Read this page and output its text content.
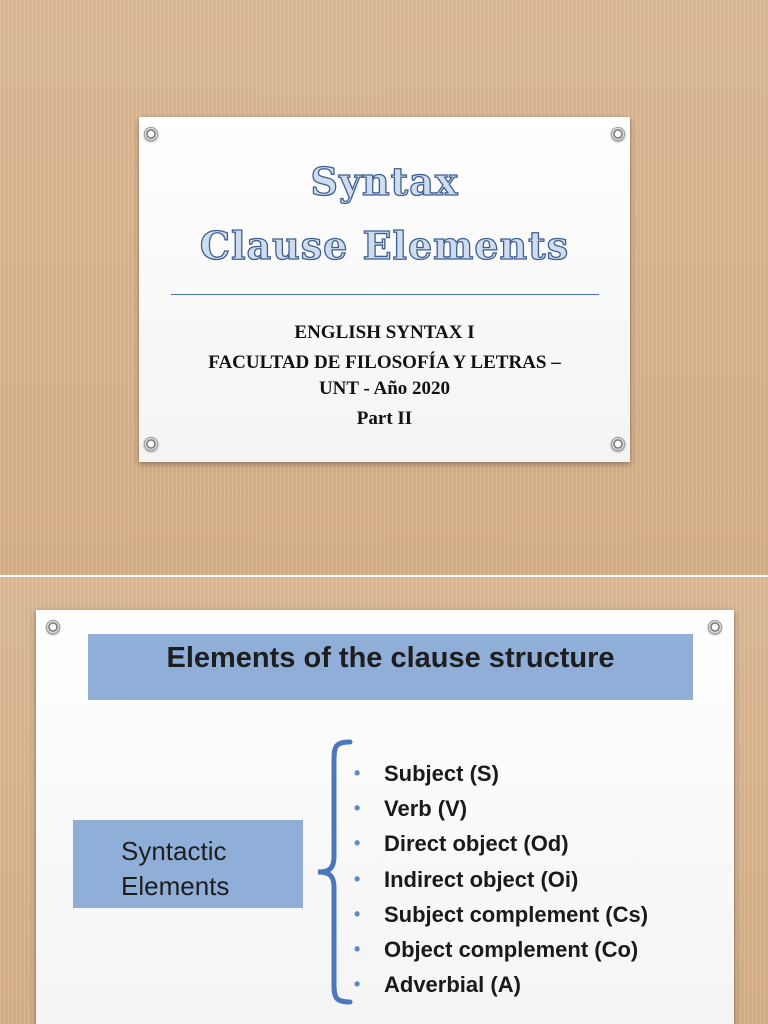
Syntax
Clause Elements
ENGLISH SYNTAX I
FACULTAD DE FILOSOFÍA Y LETRAS –
UNT - Año 2020
Part II
Elements of the clause structure
Syntactic
Elements
• Subject (S)
• Verb (V)
• Direct object (Od)
• Indirect object (Oi)
• Subject complement (Cs)
• Object complement (Co)
• Adverbial (A)
